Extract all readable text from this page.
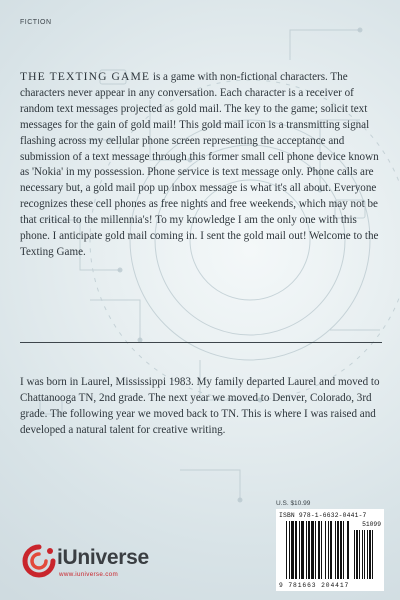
FICTION

THE TEXTING GAME is a game with non-fictional characters. The characters never appear in any conversation. Each character is a receiver of random text messages projected as gold mail. The key to the game; solicit text messages for the gain of gold mail! This gold mail icon is a transmitting signal flashing across my cellular phone screen representing the acceptance and submission of a text message through this former small cell phone device known as 'Nokia' in my possession. Phone service is text message only. Phone calls are necessary but, a gold mail pop up inbox message is what it's all about. Everyone recognizes these cell phones as free nights and free weekends, which may not be that critical to the millennia's! To my knowledge I am the only one with this phone. I anticipate gold mail coming in. I sent the gold mail out! Welcome to the Texting Game.

I was born in Laurel, Mississippi 1983. My family departed Laurel and moved to Chattanooga TN, 2nd grade. The next year we moved to Denver, Colorado, 3rd grade. The following year we moved back to TN. This is where I was raised and developed a natural talent for creative writing.

U.S. $10.99
ISBN 978-1-6632-0441-7
51099
9 781663 204417
iUniverse
www.iuniverse.com
